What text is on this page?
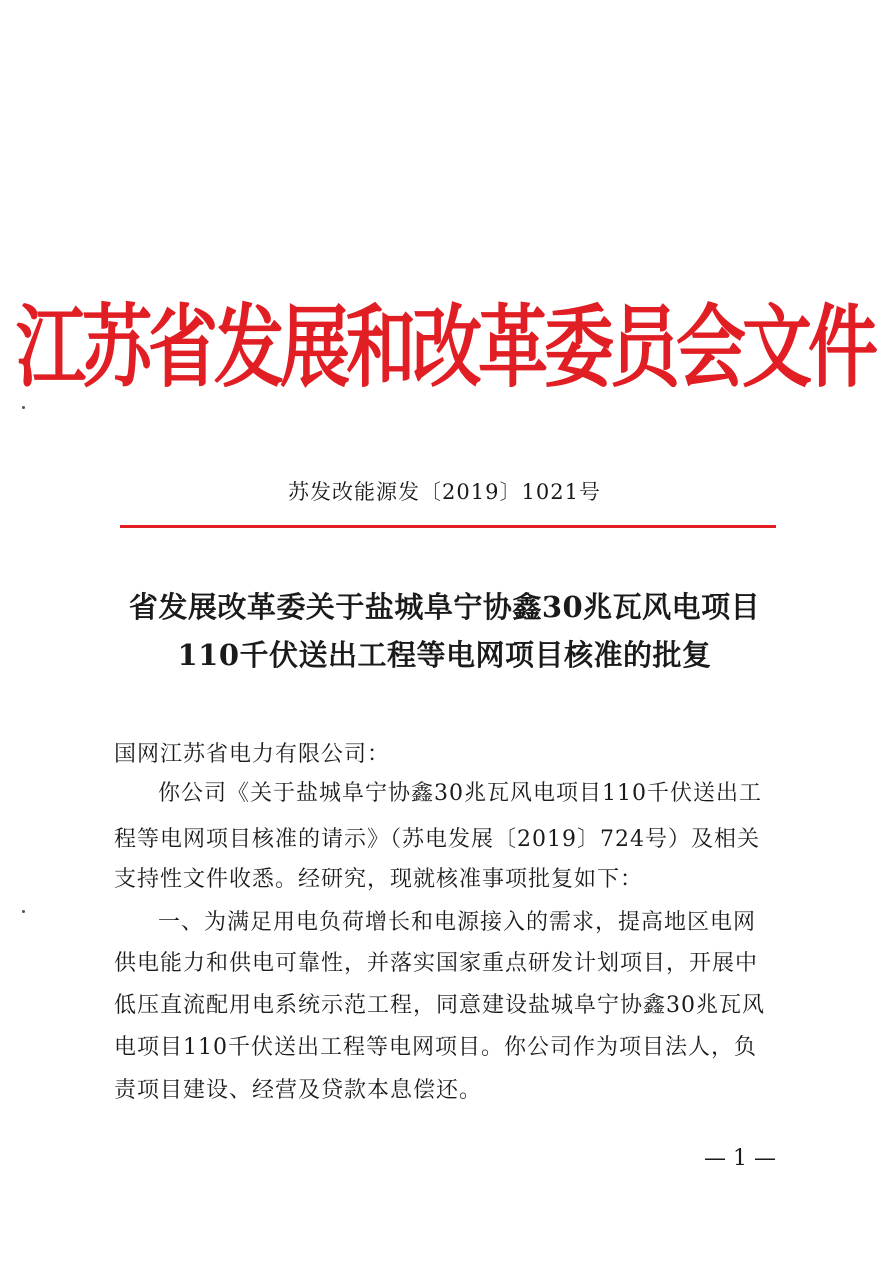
江苏省发展和改革委员会文件
苏发改能源发〔2019〕1021号
省发展改革委关于盐城阜宁协鑫30兆瓦风电项目
110千伏送出工程等电网项目核准的批复
国网江苏省电力有限公司：
你公司《关于盐城阜宁协鑫30兆瓦风电项目110千伏送出工
程等电网项目核准的请示》（苏电发展〔2019〕724号）及相关
支持性文件收悉。经研究，现就核准事项批复如下：
一、为满足用电负荷增长和电源接入的需求，提高地区电网
供电能力和供电可靠性，并落实国家重点研发计划项目，开展中
低压直流配用电系统示范工程，同意建设盐城阜宁协鑫30兆瓦风
电项目110千伏送出工程等电网项目。你公司作为项目法人，负
责项目建设、经营及贷款本息偿还。
— 1 —
